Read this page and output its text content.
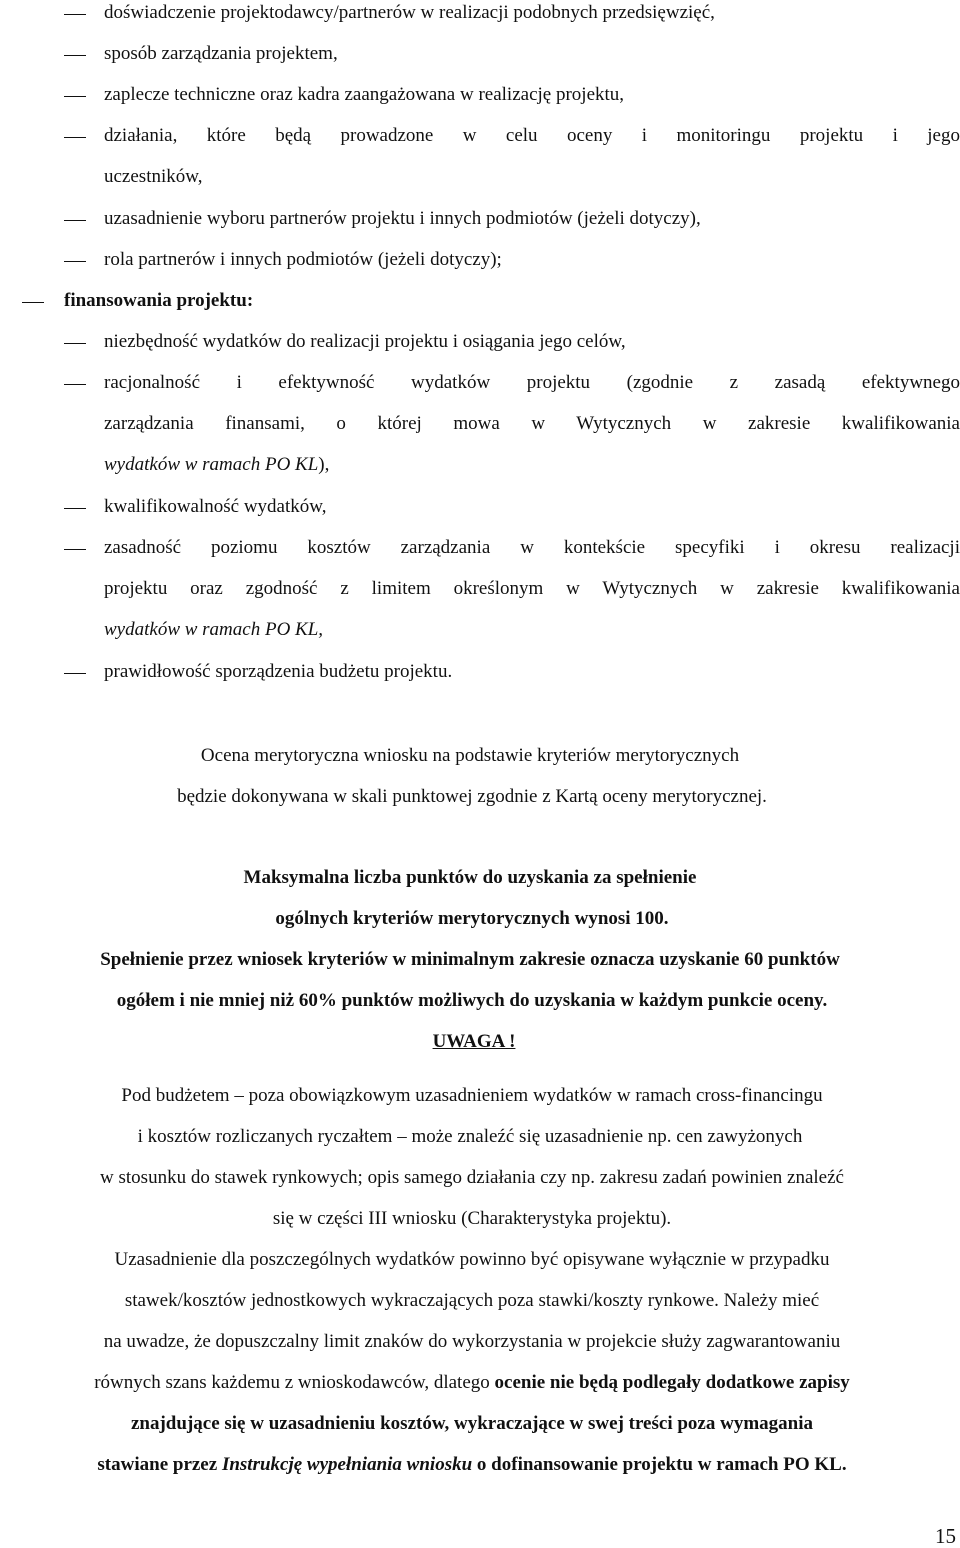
doświadczenie projektodawcy/partnerów w realizacji podobnych przedsięwzięć,
sposób zarządzania projektem,
zaplecze techniczne oraz kadra zaangażowana w realizację projektu,
działania, które będą prowadzone w celu oceny i monitoringu projektu i jego
uczestników,
uzasadnienie wyboru partnerów projektu i innych podmiotów (jeżeli dotyczy),
rola partnerów i innych podmiotów (jeżeli dotyczy);
finansowania projektu:
niezbędność wydatków do realizacji projektu i osiągania jego celów,
racjonalność i efektywność wydatków projektu (zgodnie z zasadą efektywnego
zarządzania finansami, o której mowa w Wytycznych w zakresie kwalifikowania
wydatków w ramach PO KL),
kwalifikowalność wydatków,
zasadność poziomu kosztów zarządzania w kontekście specyfiki i okresu realizacji
projektu oraz zgodność z limitem określonym w Wytycznych w zakresie kwalifikowania
wydatków w ramach PO KL,
prawidłowość sporządzenia budżetu projektu.
Ocena merytoryczna wniosku na podstawie kryteriów merytorycznych
będzie dokonywana w skali punktowej zgodnie z Kartą oceny merytorycznej.
Maksymalna liczba punktów do uzyskania za spełnienie
ogólnych kryteriów merytorycznych wynosi 100.
Spełnienie przez wniosek kryteriów w minimalnym zakresie oznacza uzyskanie 60 punktów
ogółem i nie mniej niż 60% punktów możliwych do uzyskania w każdym punkcie oceny.
UWAGA !
Pod budżetem – poza obowiązkowym uzasadnieniem wydatków w ramach cross-financingu
i kosztów rozliczanych ryczałtem – może znaleźć się uzasadnienie np. cen zawyżonych
w stosunku do stawek rynkowych; opis samego działania czy np. zakresu zadań powinien znaleźć
się w części III wniosku (Charakterystyka projektu).
Uzasadnienie dla poszczególnych wydatków powinno być opisywane wyłącznie w przypadku
stawek/kosztów jednostkowych wykraczających poza stawki/koszty rynkowe. Należy mieć
na uwadze, że dopuszczalny limit znaków do wykorzystania w projekcie służy zagwarantowaniu
równych szans każdemu z wnioskodawców, dlatego ocenie nie będą podlegały dodatkowe zapisy
znajdujące się w uzasadnieniu kosztów, wykraczające w swej treści poza wymagania
stawiane przez Instrukcję wypełniania wniosku o dofinansowanie projektu w ramach PO KL.
15
